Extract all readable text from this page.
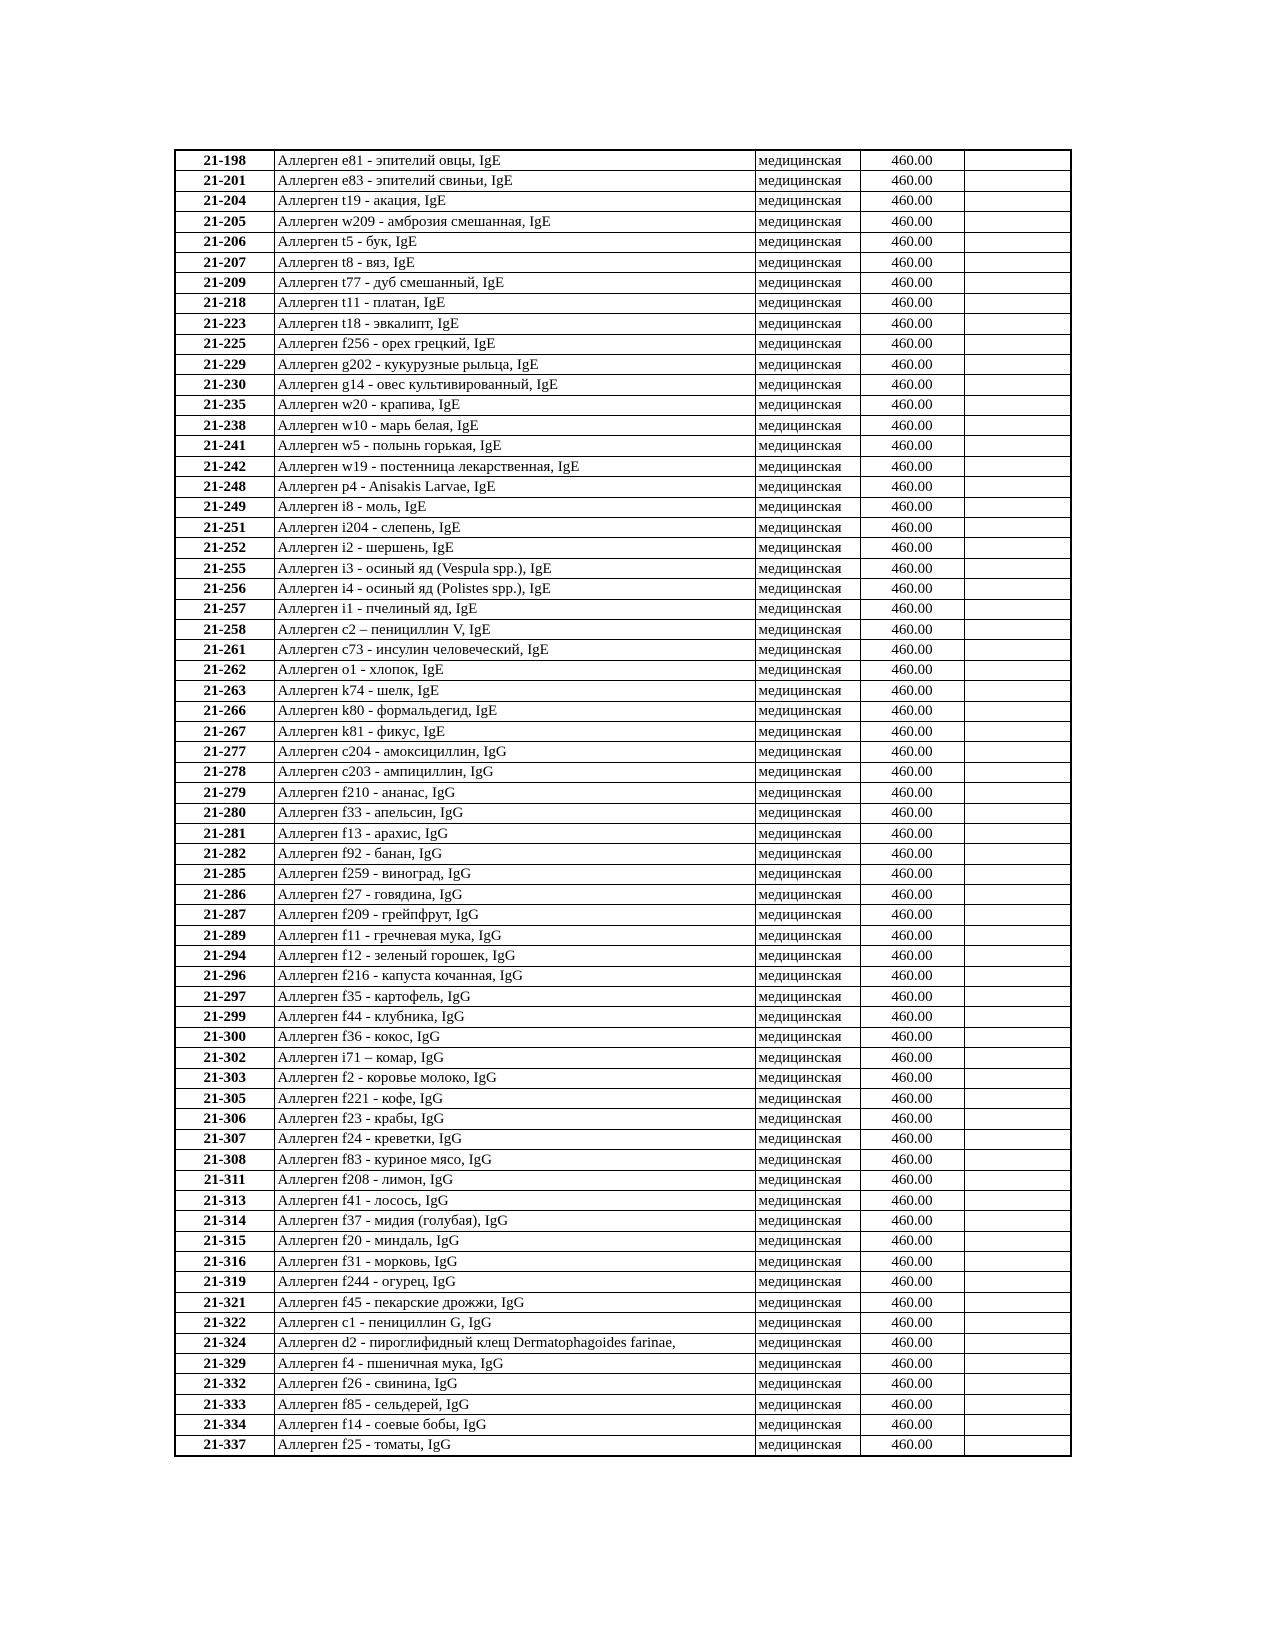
21-198	Аллерген e81 - эпителий овцы, IgE	медицинская	460.00	
21-201	Аллерген e83 - эпителий свиньи, IgE	медицинская	460.00	
21-204	Аллерген t19 - акация, IgE	медицинская	460.00	
21-205	Аллерген w209 - амброзия смешанная, IgE	медицинская	460.00	
21-206	Аллерген t5 - бук, IgE	медицинская	460.00	
21-207	Аллерген t8 - вяз, IgE	медицинская	460.00	
21-209	Аллерген t77 - дуб смешанный, IgE	медицинская	460.00	
21-218	Аллерген t11 - платан, IgE	медицинская	460.00	
21-223	Аллерген t18 - эвкалипт, IgE	медицинская	460.00	
21-225	Аллерген f256 - орех грецкий, IgE	медицинская	460.00	
21-229	Аллерген g202 - кукурузные рыльца, IgE	медицинская	460.00	
21-230	Аллерген g14 - овес культивированный, IgE	медицинская	460.00	
21-235	Аллерген w20 - крапива, IgE	медицинская	460.00	
21-238	Аллерген w10 - марь белая, IgE	медицинская	460.00	
21-241	Аллерген w5 - полынь горькая, IgE	медицинская	460.00	
21-242	Аллерген w19 - постенница лекарственная, IgE	медицинская	460.00	
21-248	Аллерген p4 - Anisakis Larvae, IgE	медицинская	460.00	
21-249	Аллерген i8 - моль, IgE	медицинская	460.00	
21-251	Аллерген i204 - слепень, IgE	медицинская	460.00	
21-252	Аллерген i2 - шершень, IgE	медицинская	460.00	
21-255	Аллерген i3 - осиный яд (Vespula spp.), IgE	медицинская	460.00	
21-256	Аллерген i4 - осиный яд (Polistes spp.), IgE	медицинская	460.00	
21-257	Аллерген i1 - пчелиный яд, IgE	медицинская	460.00	
21-258	Аллерген c2 – пенициллин V, IgE	медицинская	460.00	
21-261	Аллерген c73 - инсулин человеческий, IgE	медицинская	460.00	
21-262	Аллерген o1 - хлопок, IgE	медицинская	460.00	
21-263	Аллерген k74 - шелк, IgE	медицинская	460.00	
21-266	Аллерген k80 - формальдегид, IgE	медицинская	460.00	
21-267	Аллерген k81 - фикус, IgE	медицинская	460.00	
21-277	Аллерген c204 - амоксициллин, IgG	медицинская	460.00	
21-278	Аллерген c203 - ампициллин, IgG	медицинская	460.00	
21-279	Аллерген f210 - ананас, IgG	медицинская	460.00	
21-280	Аллерген f33 - апельсин, IgG	медицинская	460.00	
21-281	Аллерген f13 - арахис, IgG	медицинская	460.00	
21-282	Аллерген f92 - банан, IgG	медицинская	460.00	
21-285	Аллерген f259 - виноград, IgG	медицинская	460.00	
21-286	Аллерген f27 - говядина, IgG	медицинская	460.00	
21-287	Аллерген f209 - грейпфрут, IgG	медицинская	460.00	
21-289	Аллерген f11 - гречневая мука, IgG	медицинская	460.00	
21-294	Аллерген f12 - зеленый горошек, IgG	медицинская	460.00	
21-296	Аллерген f216 - капуста кочанная, IgG	медицинская	460.00	
21-297	Аллерген f35 - картофель, IgG	медицинская	460.00	
21-299	Аллерген f44 - клубника, IgG	медицинская	460.00	
21-300	Аллерген f36 - кокос, IgG	медицинская	460.00	
21-302	Аллерген i71 – комар, IgG	медицинская	460.00	
21-303	Аллерген f2 - коровье молоко, IgG	медицинская	460.00	
21-305	Аллерген f221 - кофе, IgG	медицинская	460.00	
21-306	Аллерген f23 - крабы, IgG	медицинская	460.00	
21-307	Аллерген f24 - креветки, IgG	медицинская	460.00	
21-308	Аллерген f83 - куриное мясо, IgG	медицинская	460.00	
21-311	Аллерген f208 - лимон, IgG	медицинская	460.00	
21-313	Аллерген f41 - лосось, IgG	медицинская	460.00	
21-314	Аллерген f37 - мидия (голубая), IgG	медицинская	460.00	
21-315	Аллерген f20 - миндаль, IgG	медицинская	460.00	
21-316	Аллерген f31 - морковь, IgG	медицинская	460.00	
21-319	Аллерген f244 - огурец, IgG	медицинская	460.00	
21-321	Аллерген f45 - пекарские дрожжи, IgG	медицинская	460.00	
21-322	Аллерген c1 - пенициллин G, IgG	медицинская	460.00	
21-324	Аллерген d2 - пироглифидный клещ Dermatophagoides farinae,	медицинская	460.00	
21-329	Аллерген f4 - пшеничная мука, IgG	медицинская	460.00	
21-332	Аллерген f26 - свинина, IgG	медицинская	460.00	
21-333	Аллерген f85 - сельдерей, IgG	медицинская	460.00	
21-334	Аллерген f14 - соевые бобы, IgG	медицинская	460.00	
21-337	Аллерген f25 - томаты, IgG	медицинская	460.00	
